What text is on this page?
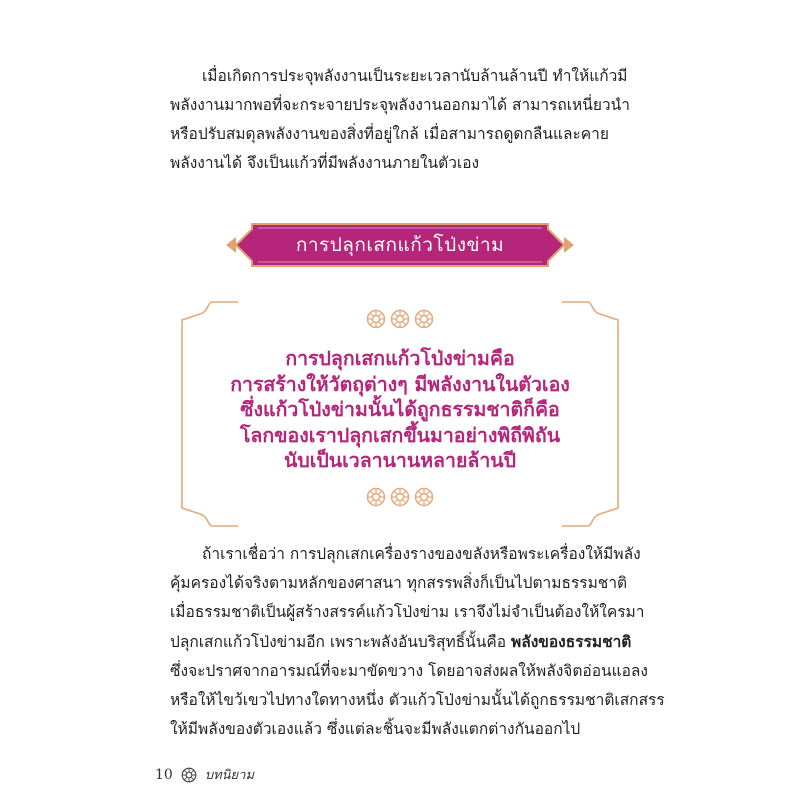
เมื่อเกิดการประจุพลังงานเป็นระยะเวลานับล้านล้านปี ทำให้แก้วมี

พลังงานมากพอที่จะกระจายประจุพลังงานออกมาได้ สามารถเหนี่ยวนำ

หรือปรับสมดุลพลังงานของสิ่งที่อยู่ใกล้ เมื่อสามารถดูดกลืนและคาย

พลังงานได้ จึงเป็นแก้วที่มีพลังงานภายในตัวเอง

การปลุกเสกแก้วโป่งข่าม
การปลุกเสกแก้วโป่งข่ามคือ
การสร้างให้วัตถุต่างๆ มีพลังงานในตัวเอง
ซึ่งแก้วโป่งข่ามนั้นได้ถูกธรรมชาติก็คือ
โลกของเราปลุกเสกขึ้นมาอย่างพิถีพิถัน
นับเป็นเวลานานหลายล้านปี

ถ้าเราเชื่อว่า การปลุกเสกเครื่องรางของขลังหรือพระเครื่องให้มีพลัง

คุ้มครองได้จริงตามหลักของศาสนา ทุกสรรพสิ่งก็เป็นไปตามธรรมชาติ

เมื่อธรรมชาติเป็นผู้สร้างสรรค์แก้วโป่งข่าม เราจึงไม่จำเป็นต้องให้ใครมา

ปลุกเสกแก้วโป่งข่ามอีก เพราะพลังอันบริสุทธิ์นั้นคือ พลังของธรรมชาติ

ซึ่งจะปราศจากอารมณ์ที่จะมาขัดขวาง โดยอาจส่งผลให้พลังจิตอ่อนแอลง

หรือให้ไขว้เขวไปทางใดทางหนึ่ง ตัวแก้วโป่งข่ามนั้นได้ถูกธรรมชาติเสกสรร

ให้มีพลังของตัวเองแล้ว ซึ่งแต่ละชิ้นจะมีพลังแตกต่างกันออกไป

10 บทนิยาม
